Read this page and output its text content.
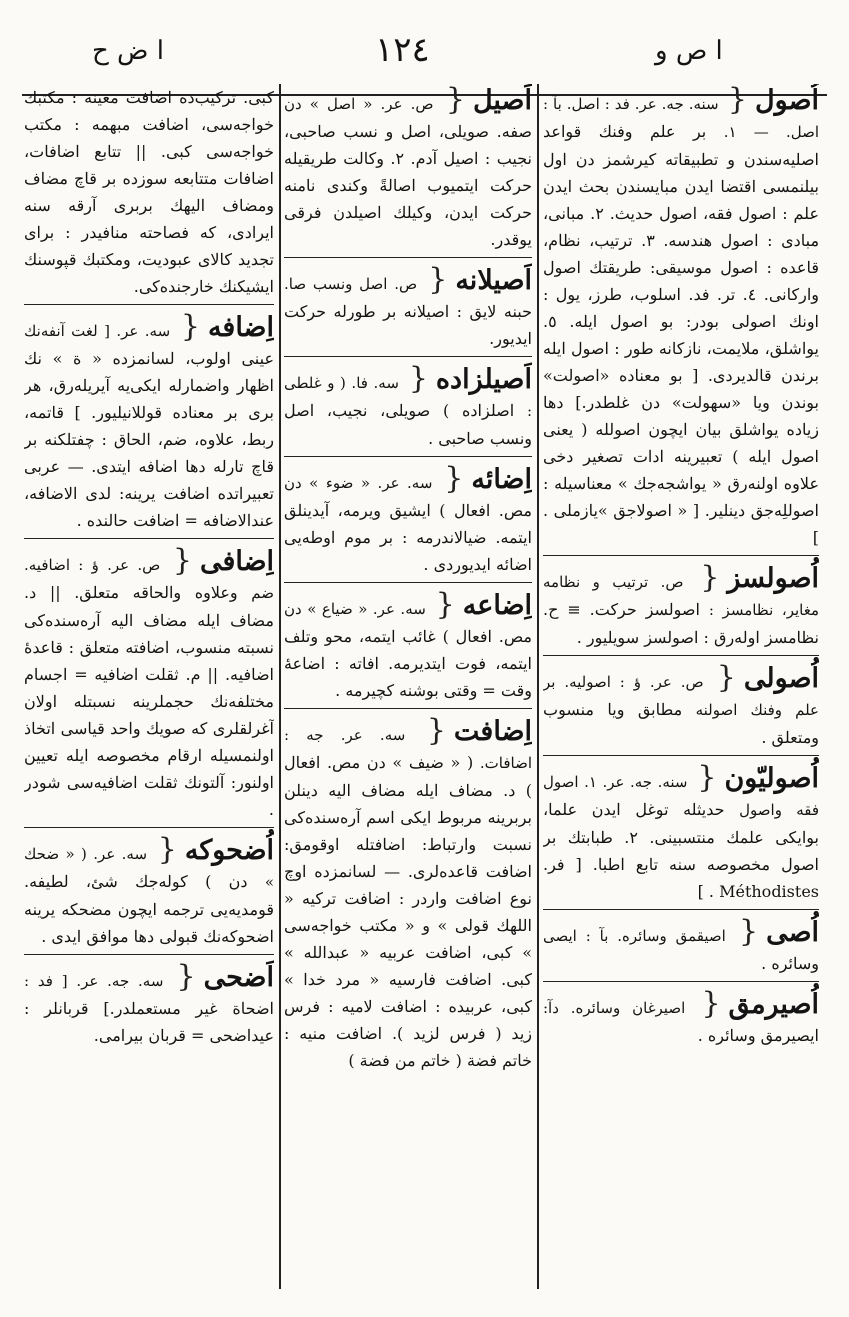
ا ض ح	١٢٤	ا ص و
اُصول{ سنه. جه. عر. فد : اصل. بآ : اصل. — ١. بر علم وفنك قواعد اصليه‌سندن و تطبيقاته كيرشمز دن اول بيلنمسى اقتضا ايدن مبايسندن بحث ايدن علم : اصول فقه، اصول حديث. ٢. مبانى، مبادى : اصول هندسه. ٣. ترتيب، نظام، قاعده : اصول موسيقى: طريقتك اصول واركانى. ٤. تر. فد. اسلوب، طرز، يول : اونك اصولى بودر: بو اصول ايله. ٥. يواشلق، ملايمت، نازكانه طور : اصول ايله برندن قالديردى. [ بو معناده «اصولت» بوندن ويا «سهولت» دن غلطدر.] دها زياده يواشلق بيان ايچون اصولله ( يعنى اصول ايله ) تعبيرينه ادات تصغير دخى علاوه اولنه‌رق « يواشجه‌جك » معناسيله : اصوللِه‌جق دينلير. [ « اصولاجق »يازملى . ]
اُصولسز{ ص. ترتيب و نظامه مغاير، نظامسز : اصولسز حركت. ≡ ح. نظامسز اوله‌رق : اصولسز سويليور .
اُصولى{ ص. عر. ؤ : اصوليه. بر علم وفنك اصولنه مطابق ويا منسوب ومتعلق .
اُصوليّون{ سنه. جه. عر. ١. اصول فقه واصول حديثله توغل ايدن علما، بوايكى علمك منتسبينى. ٢. طبابتك بر اصول مخصوصه سنه تابع اطبا. [ فر. Méthodistes . ]
اُصى{ اصيقمق وسائره. بآ : ايصى وسائره .
اُصيرمق{ اصيرغان وسائره. دآ: ايصيرمق وسائره .
اَصيل{ ص. عر. « اصل » دن صفه. صويلى، اصل و نسب صاحبى، نجيب : اصيل آدم. ٢. وكالت طريقيله حركت ايتميوب اصالةً وكندى نامنه حركت ايدن، وكيلك اصيلدن فرقى يوقدر.
اَصيلانه{ ص. اصل ونسب صا. حبنه لايق : اصيلانه بر طورله حركت ايديور.
اَصيلزاده{ سه. فا. ( و غلطى : اصلزاده ) صويلى، نجيب، اصل ونسب صاحبى .
اِضائه{ سه. عر. « ضوء » دن مص. افعال ) ايشيق ويرمه، آيدينلق ايتمه. ضيالاندرمه : بر موم اوطه‌يى اضائه ايديوردى .
اِضاعه{ سه. عر. « ضياع » دن مص. افعال ) غائب ايتمه، محو وتلف ايتمه، فوت ايتديرمه. افاته : اضاعهٔ وقت = وقتى بوشنه كچيرمه .
اِضافت{ سه. عر. جه : اضافات. ( « ضيف » دن مص. افعال ) د. مضاف ايله مضاف اليه دينلن بربرينه مربوط ايكى اسم آره‌سنده‌كى نسبت وارتباط: اضافتله اوقومق: اضافت قاعده‌لرى. — لسانمزده اوچ نوع اضافت واردر : اضافت تركيه « اللهك قولى » و « مكتب خواجه‌سى » كبى، اضافت عربيه « عبدالله » كبى. اضافت فارسيه « مرد خدا » كبى، عربيده : اضافت لاميه : فرس زيد ( فرس لزيد ). اضافت منيه : خاتم فضة ( خاتم من فضة )
كبى. تركيب‌ده اضافت معينه : مكتبك خواجه‌سى، اضافت مبهمه : مكتب خواجه‌سى كبى. || تتابع اضافات، اضافات متتابعه سوزده بر قاچ مضاف ومضاف اليهك بربرى آرقه سنه ايرادى، كه فصاحته منافيدر : براى تجديد كالاى عبوديت، ومكتبك قپوسنك ايشيكنك خارجنده‌كى.
اِضافه{ سه. عر. [ لغت آنفه‌نك عينى اولوب، لسانمزده « ة » نك اظهار واضمارله ايكى‌يه آيريله‌رق، هر برى بر معناده قوللانيليور. ] قاتمه، ربط، علاوه، ضم، الحاق : چفتلكنه بر قاچ تارله دها اضافه ايتدى. — عربى تعبيراتده اضافت يرينه: لدى الاضافه، عندالاضافه = اضافت حالنده .
اِضافى{ ص. عر. ؤ : اضافيه. ضم وعلاوه والحاقه متعلق. || د. مضاف ايله مضاف اليه آره‌سنده‌كى نسبته منسوب، اضافته متعلق : قاعدهٔ اضافيه. || م. ثقلت اضافيه = اجسام مختلفه‌نك حجملرينه نسبتله اولان آغرلقلرى كه صويك واحد قياسى اتخاذ اولنمسيله ارقام مخصوصه ايله تعيين اولنور: آلتونك ثقلت اضافيه‌سى شودر .
اُضحوكه{ سه. عر. ( « ضحك » دن ) كوله‌جك شئ، لطيفه. قومديه‌يى ترجمه ايچون مضحكه يرينه اضحوكه‌نك قبولى دها موافق ايدى .
اَضحى{ سه. جه. عر. [ فد : اضحاة غير مستعملدر.] قربانلر : عيداضحى = قربان بيرامى.
